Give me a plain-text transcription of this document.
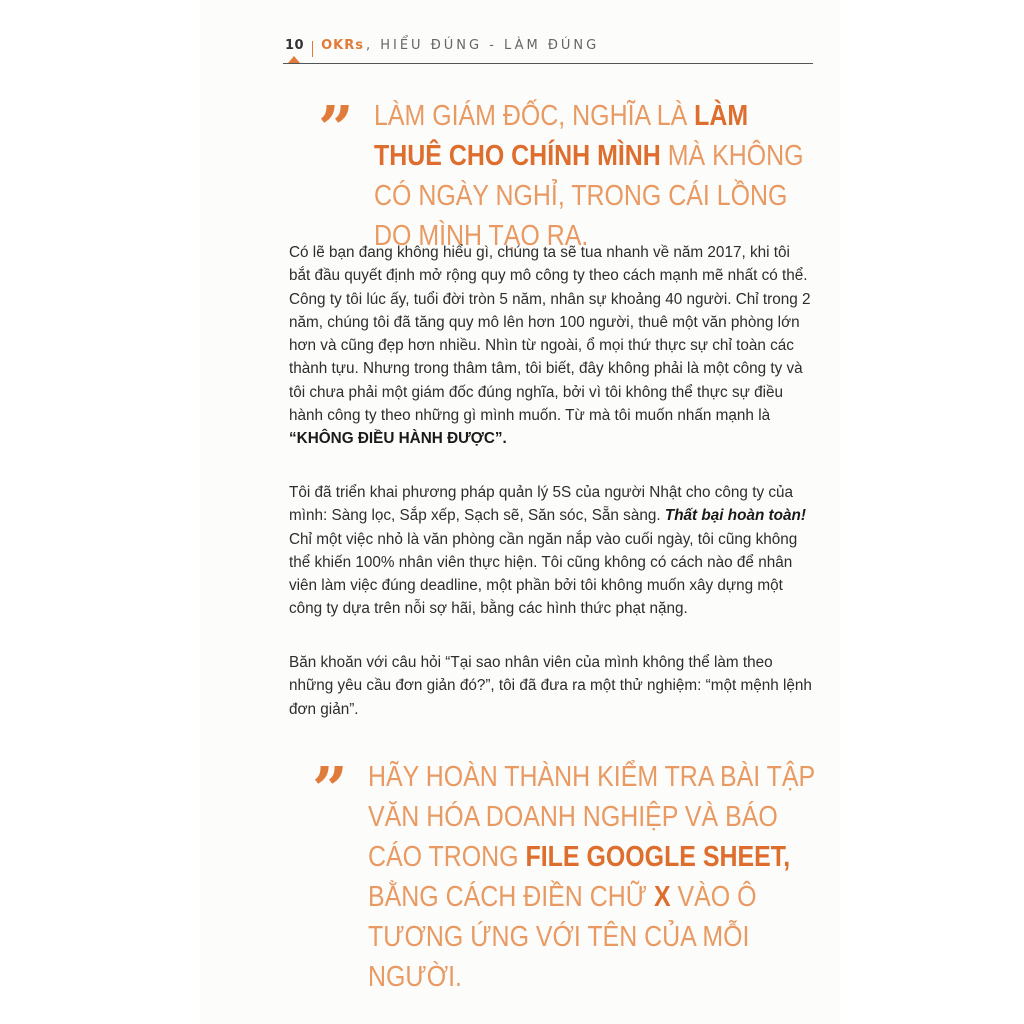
10 OKRs , HIỂU ĐÚNG - LÀM ĐÚNG
” LÀM GIÁM ĐỐC, NGHĨA LÀ LÀM THUÊ CHO CHÍNH MÌNH MÀ KHÔNG CÓ NGÀY NGHỈ, TRONG CÁI LỒNG DO MÌNH TẠO RA.
Có lẽ bạn đang không hiểu gì, chúng ta sẽ tua nhanh về năm 2017, khi tôi bắt đầu quyết định mở rộng quy mô công ty theo cách mạnh mẽ nhất có thể. Công ty tôi lúc ấy, tuổi đời tròn 5 năm, nhân sự khoảng 40 người. Chỉ trong 2 năm, chúng tôi đã tăng quy mô lên hơn 100 người, thuê một văn phòng lớn hơn và cũng đẹp hơn nhiều. Nhìn từ ngoài, ổ mọi thứ thực sự chỉ toàn các thành tựu. Nhưng trong thâm tâm, tôi biết, đây không phải là một công ty và tôi chưa phải một giám đốc đúng nghĩa, bởi vì tôi không thể thực sự điều hành công ty theo những gì mình muốn. Từ mà tôi muốn nhấn mạnh là “KHÔNG ĐIỀU HÀNH ĐƯỢC”.
Tôi đã triển khai phương pháp quản lý 5S của người Nhật cho công ty của mình: Sàng lọc, Sắp xếp, Sạch sẽ, Săn sóc, Sẵn sàng. Thất bại hoàn toàn! Chỉ một việc nhỏ là văn phòng cần ngăn nắp vào cuối ngày, tôi cũng không thể khiến 100% nhân viên thực hiện. Tôi cũng không có cách nào để nhân viên làm việc đúng deadline, một phần bởi tôi không muốn xây dựng một công ty dựa trên nỗi sợ hãi, bằng các hình thức phạt nặng.
Băn khoăn với câu hỏi “Tại sao nhân viên của mình không thể làm theo những yêu cầu đơn giản đó?”, tôi đã đưa ra một thử nghiệm: “một mệnh lệnh đơn giản”.
” HÃY HOÀN THÀNH KIỂM TRA BÀI TẬP VĂN HÓA DOANH NGHIỆP VÀ BÁO CÁO TRONG FILE GOOGLE SHEET, BẰNG CÁCH ĐIỀN CHỮ X VÀO Ô TƯƠNG ỨNG VỚI TÊN CỦA MỖI NGƯỜI.
